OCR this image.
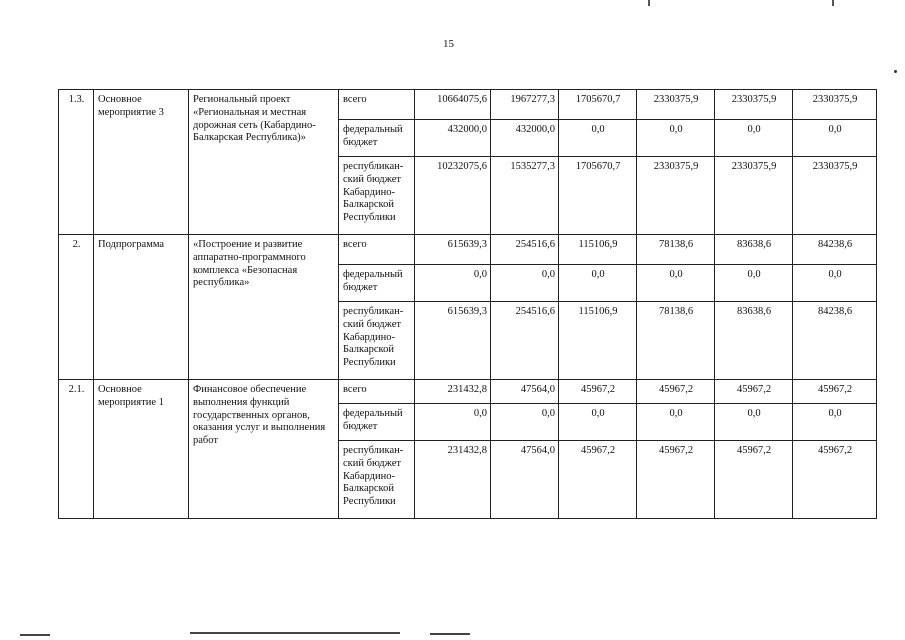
15
1.3.	Основное мероприятие 3	Региональный проект «Региональная и местная дорожная сеть (Кабардино-Балкарская Республика)»	всего	10664075,6	1967277,3	1705670,7	2330375,9	2330375,9	2330375,9
			федеральный бюджет	432000,0	432000,0	0,0	0,0	0,0	0,0
			республикан-ский бюджет Кабардино-Балкарской Республики	10232075,6	1535277,3	1705670,7	2330375,9	2330375,9	2330375,9
2.	Подпрограмма	«Построение и развитие аппаратно-программного комплекса «Безопасная республика»	всего	615639,3	254516,6	115106,9	78138,6	83638,6	84238,6
			федеральный бюджет	0,0	0,0	0,0	0,0	0,0	0,0
			республикан-ский бюджет Кабардино-Балкарской Республики	615639,3	254516,6	115106,9	78138,6	83638,6	84238,6
2.1.	Основное мероприятие 1	Финансовое обеспечение выполнения функций государственных органов, оказания услуг и выполнения работ	всего	231432,8	47564,0	45967,2	45967,2	45967,2	45967,2
			федеральный бюджет	0,0	0,0	0,0	0,0	0,0	0,0
			республикан-ский бюджет Кабардино-Балкарской Республики	231432,8	47564,0	45967,2	45967,2	45967,2	45967,2
